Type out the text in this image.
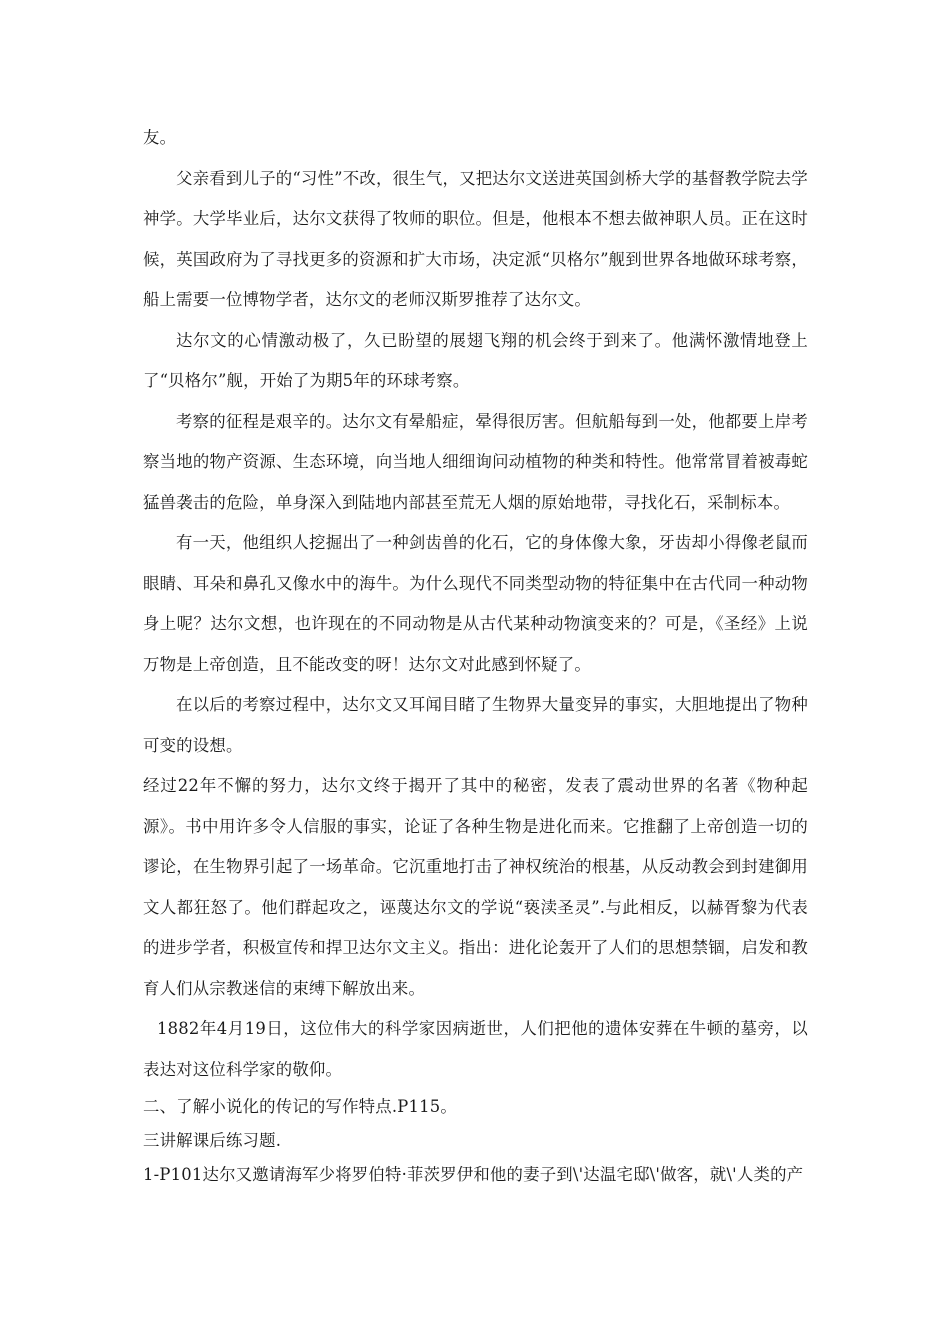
友。

父亲看到儿子的“习性”不改，很生气，又把达尔文送进英国剑桥大学的基督教学院去学神学。大学毕业后，达尔文获得了牧师的职位。但是，他根本不想去做神职人员。正在这时候，英国政府为了寻找更多的资源和扩大市场，决定派“贝格尔”舰到世界各地做环球考察，船上需要一位博物学者，达尔文的老师汉斯罗推荐了达尔文。

达尔文的心情激动极了，久已盼望的展翅飞翔的机会终于到来了。他满怀激情地登上了“贝格尔”舰，开始了为期5年的环球考察。

考察的征程是艰辛的。达尔文有晕船症，晕得很厉害。但航船每到一处，他都要上岸考察当地的物产资源、生态环境，向当地人细细询问动植物的种类和特性。他常常冒着被毒蛇猛兽袭击的危险，单身深入到陆地内部甚至荒无人烟的原始地带，寻找化石，采制标本。

有一天，他组织人挖掘出了一种剑齿兽的化石，它的身体像大象，牙齿却小得像老鼠而眼睛、耳朵和鼻孔又像水中的海牛。为什么现代不同类型动物的特征集中在古代同一种动物身上呢？达尔文想，也许现在的不同动物是从古代某种动物演变来的？可是，《圣经》上说万物是上帝创造，且不能改变的呀！达尔文对此感到怀疑了。

在以后的考察过程中，达尔文又耳闻目睹了生物界大量变异的事实，大胆地提出了物种可变的设想。

经过22年不懈的努力，达尔文终于揭开了其中的秘密，发表了震动世界的名著《物种起源》。书中用许多令人信服的事实，论证了各种生物是进化而来。它推翻了上帝创造一切的谬论，在生物界引起了一场革命。它沉重地打击了神权统治的根基，从反动教会到封建御用文人都狂怒了。他们群起攻之，诬蔑达尔文的学说“亵渎圣灵”.与此相反，以赫胥黎为代表的进步学者，积极宣传和捍卫达尔文主义。指出：进化论轰开了人们的思想禁锢，启发和教育人们从宗教迷信的束缚下解放出来。

1882年4月19日，这位伟大的科学家因病逝世，人们把他的遗体安葬在牛顿的墓旁，以表达对这位科学家的敬仰。

二、了解小说化的传记的写作特点.P115。

三讲解课后练习题.

1-P101达尔又邀请海军少将罗伯特·菲茨罗伊和他的妻子到\'达温宅邸\'做客，就\'人类的产
